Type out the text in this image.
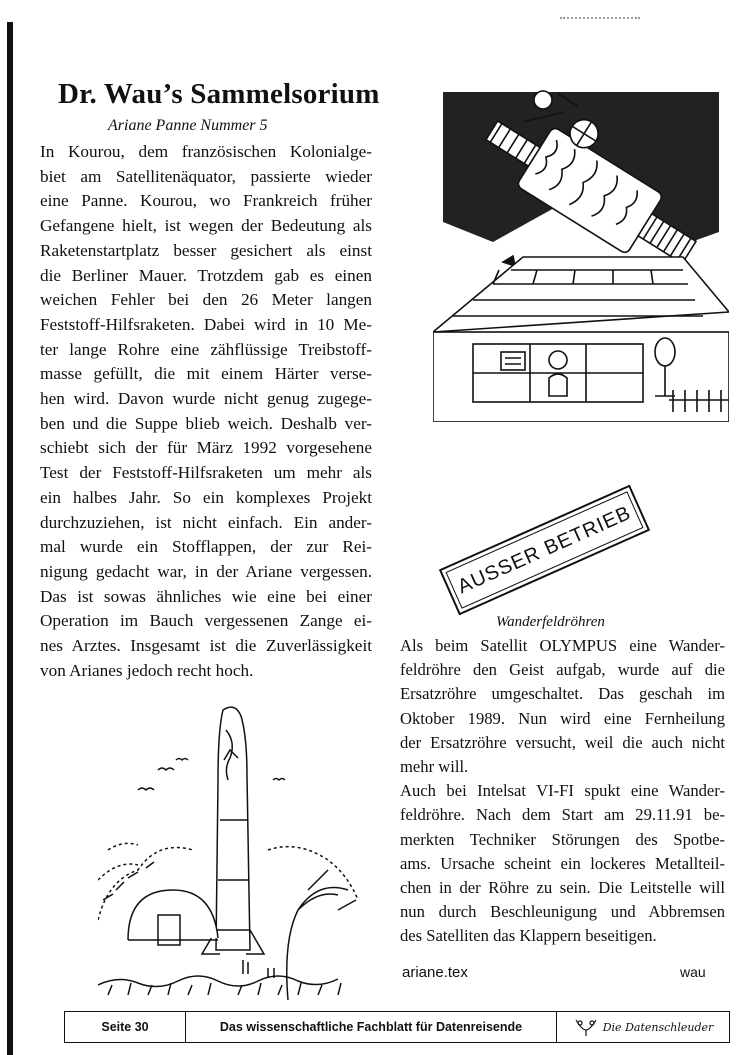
Dr. Wau’s Sammelsorium
Ariane Panne Nummer 5
In Kourou, dem französischen Kolonialge-
biet am Satellitenäquator, passierte wieder
eine Panne. Kourou, wo Frankreich früher
Gefangene hielt, ist wegen der Bedeutung als
Raketenstartplatz besser gesichert als einst
die Berliner Mauer. Trotzdem gab es einen
weichen Fehler bei den 26 Meter langen
Feststoff-Hilfsraketen. Dabei wird in 10 Me-
ter lange Rohre eine zähflüssige Treibstoff-
masse gefüllt, die mit einem Härter verse-
hen wird. Davon wurde nicht genug zugege-
ben und die Suppe blieb weich. Deshalb ver-
schiebt sich der für März 1992 vorgesehene
Test der Feststoff-Hilfsraketen um mehr als
ein halbes Jahr. So ein komplexes Projekt
durchzuziehen, ist nicht einfach. Ein ander-
mal wurde ein Stofflappen, der zur Rei-
nigung gedacht war, in der Ariane vergessen.
Das ist sowas ähnliches wie eine bei einer
Operation im Bauch vergessenen Zange ei-
nes Arztes. Insgesamt ist die Zuverlässigkeit
von Arianes jedoch recht hoch.
AUSSER BETRIEB
Wanderfeldröhren
Als beim Satellit OLYMPUS eine Wander-
feldröhre den Geist aufgab, wurde auf die
Ersatzröhre umgeschaltet. Das geschah im
Oktober 1989. Nun wird eine Fernheilung
der Ersatzröhre versucht, weil die auch nicht
mehr will.
Auch bei Intelsat VI-FI spukt eine Wander-
feldröhre. Nach dem Start am 29.11.91 be-
merkten Techniker Störungen des Spotbe-
ams. Ursache scheint ein lockeres Metallteil-
chen in der Röhre zu sein. Die Leitstelle will
nun durch Beschleunigung und Abbremsen
des Satelliten das Klappern beseitigen.
ariane.tex	wau
Seite 30	Das wissenschaftliche Fachblatt für Datenreisende	Die Datenschleuder
